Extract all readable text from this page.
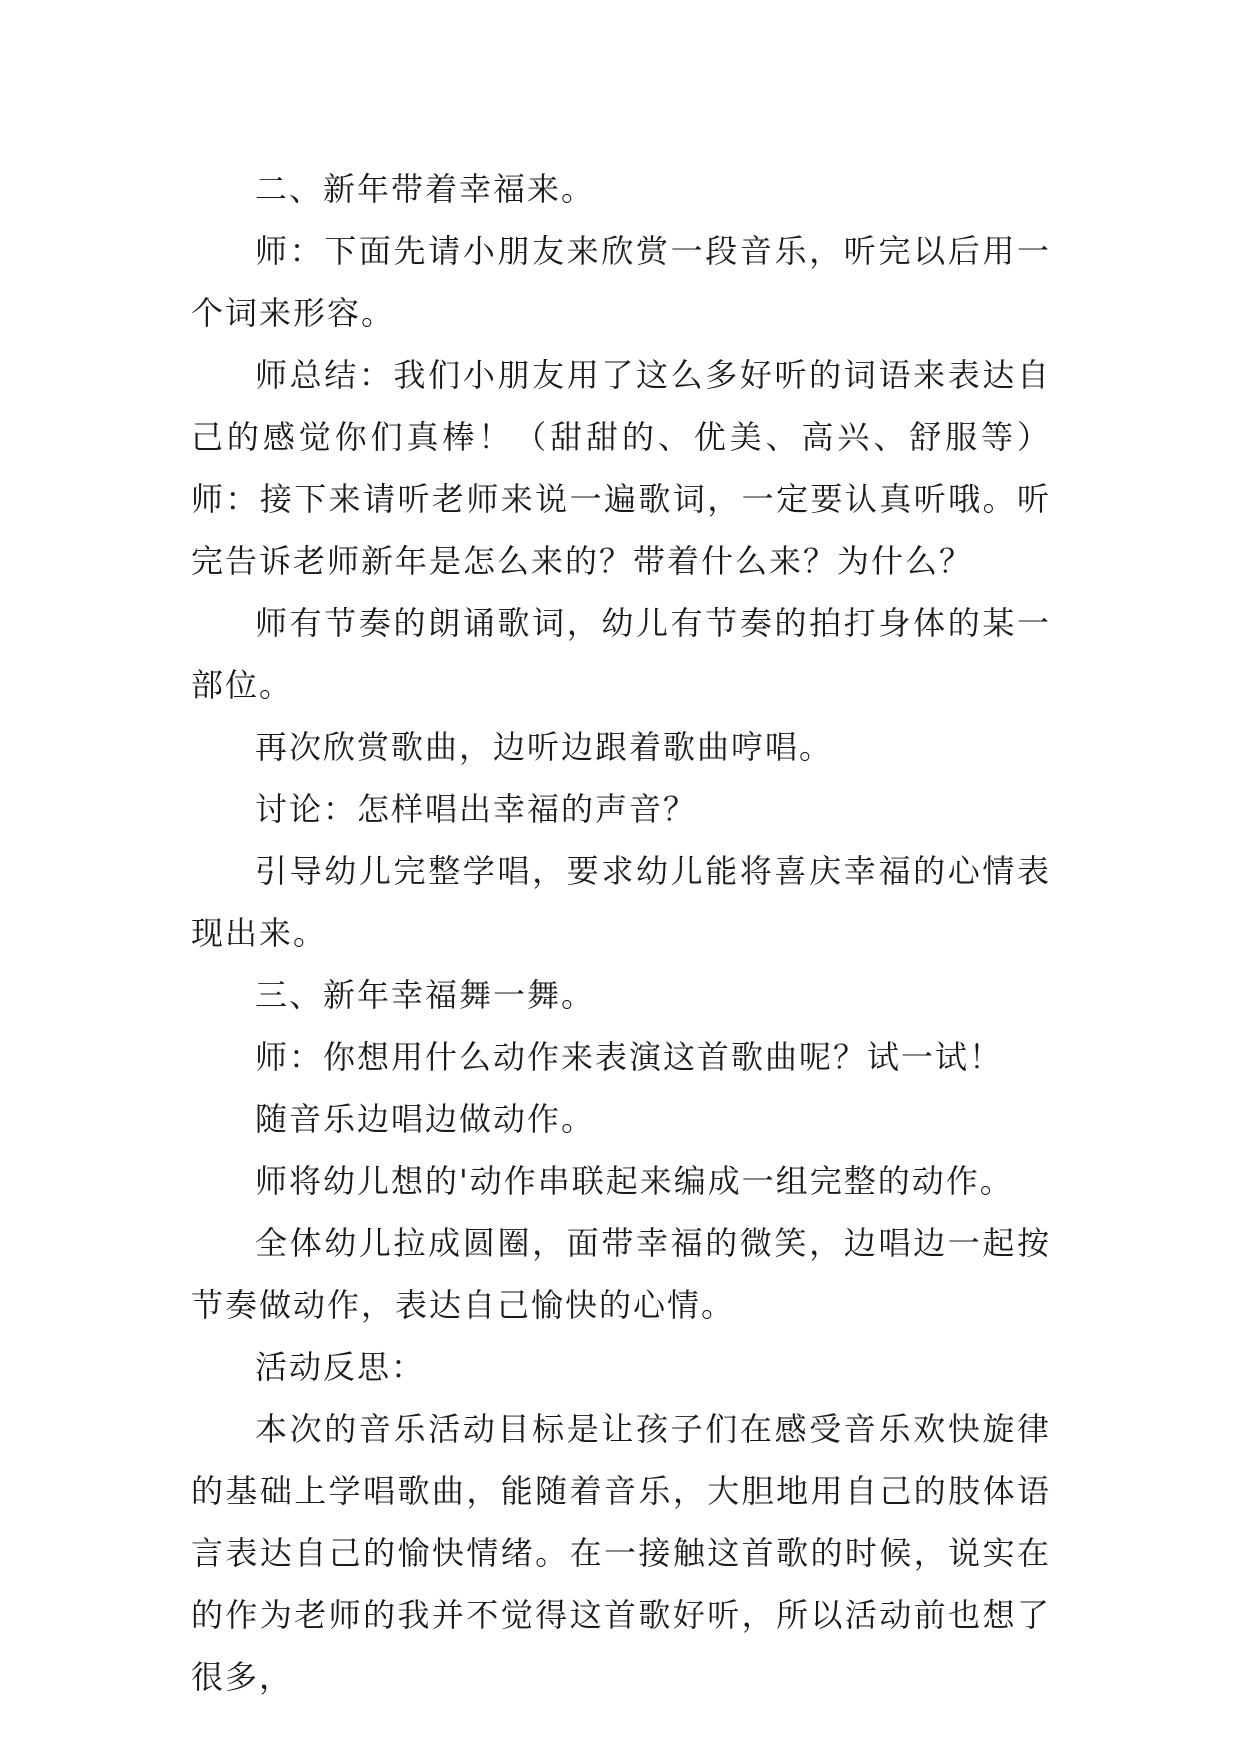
二、新年带着幸福来。

师：下面先请小朋友来欣赏一段音乐，听完以后用一个词来形容。

师总结：我们小朋友用了这么多好听的词语来表达自己的感觉你们真棒！（甜甜的、优美、高兴、舒服等）师：接下来请听老师来说一遍歌词，一定要认真听哦。听完告诉老师新年是怎么来的？带着什么来？为什么？

师有节奏的朗诵歌词，幼儿有节奏的拍打身体的某一部位。

再次欣赏歌曲，边听边跟着歌曲哼唱。

讨论：怎样唱出幸福的声音？

引导幼儿完整学唱，要求幼儿能将喜庆幸福的心情表现出来。

三、新年幸福舞一舞。

师：你想用什么动作来表演这首歌曲呢？试一试！

随音乐边唱边做动作。

师将幼儿想的'动作串联起来编成一组完整的动作。

全体幼儿拉成圆圈，面带幸福的微笑，边唱边一起按节奏做动作，表达自己愉快的心情。

活动反思：

本次的音乐活动目标是让孩子们在感受音乐欢快旋律的基础上学唱歌曲，能随着音乐，大胆地用自己的肢体语言表达自己的愉快情绪。在一接触这首歌的时候，说实在的作为老师的我并不觉得这首歌好听，所以活动前也想了很多，
